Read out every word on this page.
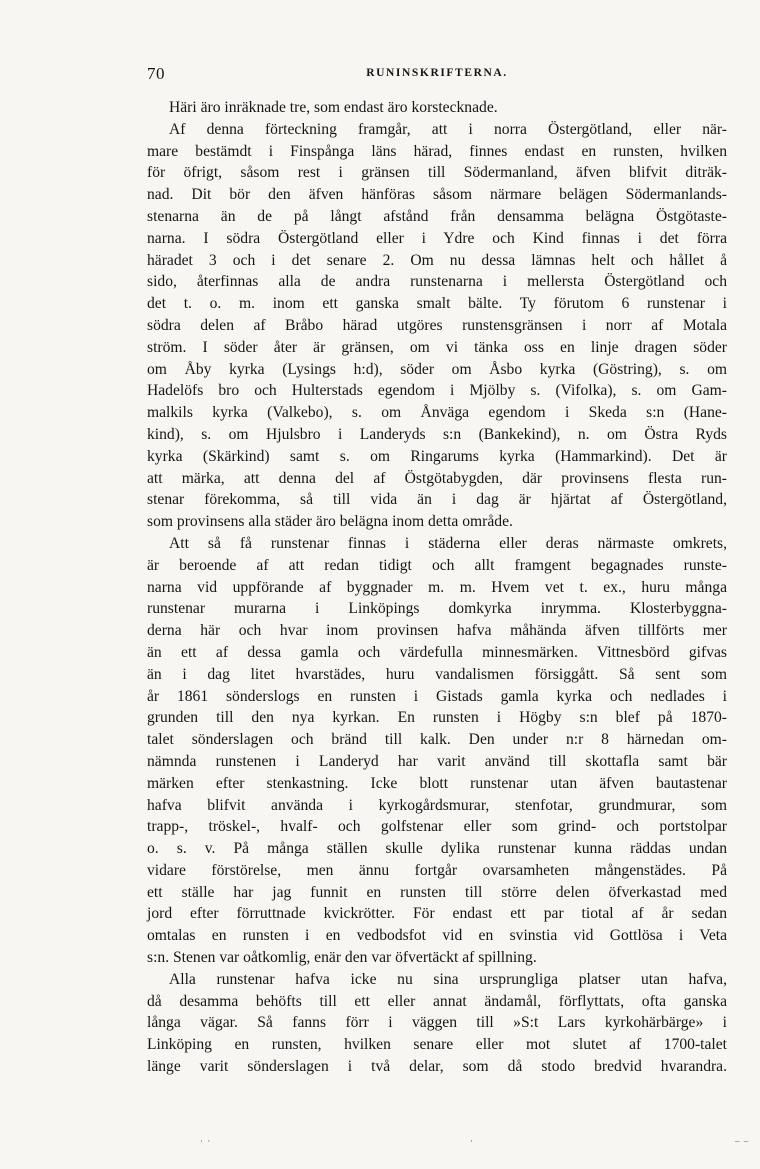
70	RUNINSKRIFTERNA.
Häri äro inräknade tre, som endast äro korstecknade.
Af denna förteckning framgår, att i norra Östergötland, eller när-
mare bestämdt i Finspånga läns härad, finnes endast en runsten, hvilken
för öfrigt, såsom rest i gränsen till Södermanland, äfven blifvit diträk-
nad. Dit bör den äfven hänföras såsom närmare belägen Södermanlands-
stenarna än de på långt afstånd från densamma belägna Östgötaste-
narna. I södra Östergötland eller i Ydre och Kind finnas i det förra
häradet 3 och i det senare 2. Om nu dessa lämnas helt och hållet å
sido, återfinnas alla de andra runstenarna i mellersta Östergötland och
det t. o. m. inom ett ganska smalt bälte. Ty förutom 6 runstenar i
södra delen af Bråbo härad utgöres runstensgränsen i norr af Motala
ström. I söder åter är gränsen, om vi tänka oss en linje dragen söder
om Åby kyrka (Lysings h:d), söder om Åsbo kyrka (Göstring), s. om
Hadelöfs bro och Hulterstads egendom i Mjölby s. (Vifolka), s. om Gam-
malkils kyrka (Valkebo), s. om Ånväga egendom i Skeda s:n (Hane-
kind), s. om Hjulsbro i Landeryds s:n (Bankekind), n. om Östra Ryds
kyrka (Skärkind) samt s. om Ringarums kyrka (Hammarkind). Det är
att märka, att denna del af Östgötabygden, där provinsens flesta run-
stenar förekomma, så till vida än i dag är hjärtat af Östergötland,
som provinsens alla städer äro belägna inom detta område.
Att så få runstenar finnas i städerna eller deras närmaste omkrets,
är beroende af att redan tidigt och allt framgent begagnades runste-
narna vid uppförande af byggnader m. m. Hvem vet t. ex., huru många
runstenar murarna i Linköpings domkyrka inrymma. Klosterbyggna-
derna här och hvar inom provinsen hafva måhända äfven tillförts mer
än ett af dessa gamla och värdefulla minnesmärken. Vittnesbörd gifvas
än i dag litet hvarstädes, huru vandalismen försiggått. Så sent som
år 1861 sönderslogs en runsten i Gistads gamla kyrka och nedlades i
grunden till den nya kyrkan. En runsten i Högby s:n blef på 1870-
talet sönderslagen och bränd till kalk. Den under n:r 8 härnedan om-
nämnda runstenen i Landeryd har varit använd till skottafla samt bär
märken efter stenkastning. Icke blott runstenar utan äfven bautastenar
hafva blifvit använda i kyrkogårdsmurar, stenfotar, grundmurar, som
trapp-, tröskel-, hvalf- och golfstenar eller som grind- och portstolpar
o. s. v. På många ställen skulle dylika runstenar kunna räddas undan
vidare förstörelse, men ännu fortgår ovarsamheten mångenstädes. På
ett ställe har jag funnit en runsten till större delen öfverkastad med
jord efter förruttnade kvickrötter. För endast ett par tiotal af år sedan
omtalas en runsten i en vedbodsfot vid en svinstia vid Gottlösa i Veta
s:n. Stenen var oåtkomlig, enär den var öfvertäckt af spillning.
Alla runstenar hafva icke nu sina ursprungliga platser utan hafva,
då desamma behöfts till ett eller annat ändamål, förflyttats, ofta ganska
långa vägar. Så fanns förr i väggen till »S:t Lars kyrkohärbärge» i
Linköping en runsten, hvilken senare eller mot slutet af 1700-talet
länge varit sönderslagen i två delar, som då stodo bredvid hvarandra.
· ·	·	– –
